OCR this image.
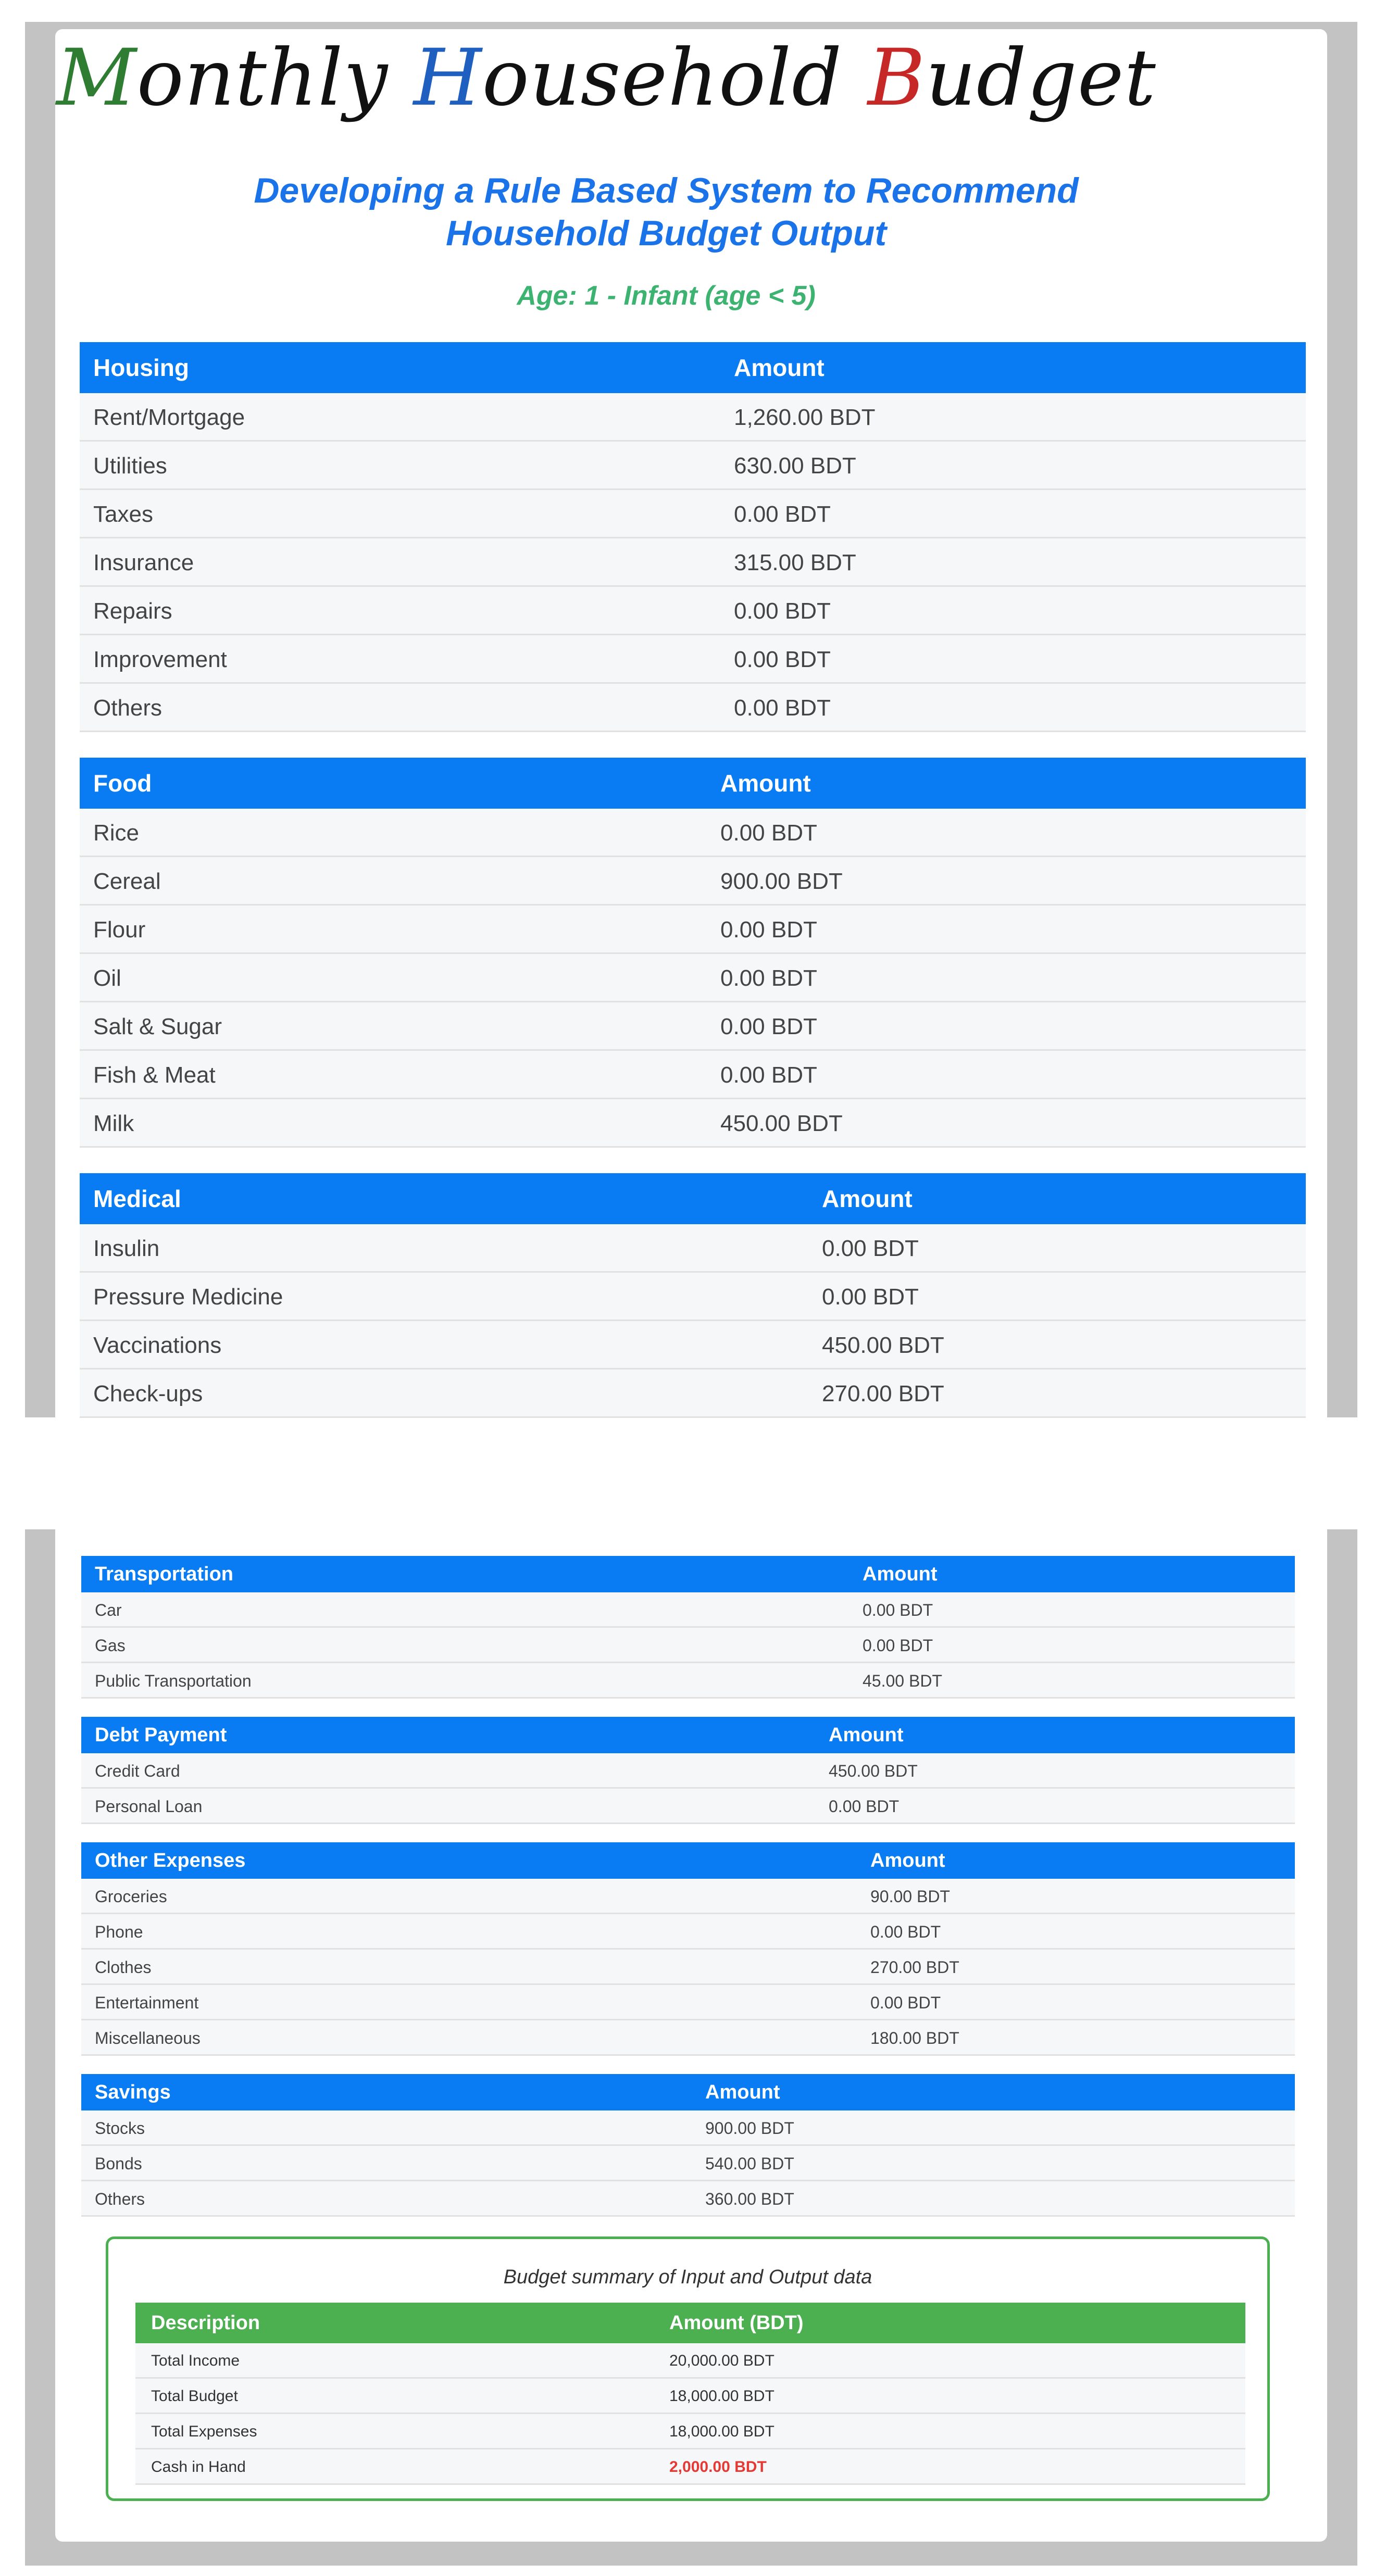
Monthly Household Budget
Developing a Rule Based System to Recommend Household Budget Output
Age: 1 - Infant (age < 5)
Housing	Amount
Rent/Mortgage	1,260.00 BDT
Utilities	630.00 BDT
Taxes	0.00 BDT
Insurance	315.00 BDT
Repairs	0.00 BDT
Improvement	0.00 BDT
Others	0.00 BDT
Food	Amount
Rice	0.00 BDT
Cereal	900.00 BDT
Flour	0.00 BDT
Oil	0.00 BDT
Salt & Sugar	0.00 BDT
Fish & Meat	0.00 BDT
Milk	450.00 BDT
Medical	Amount
Insulin	0.00 BDT
Pressure Medicine	0.00 BDT
Vaccinations	450.00 BDT
Check-ups	270.00 BDT
Transportation	Amount
Car	0.00 BDT
Gas	0.00 BDT
Public Transportation	45.00 BDT
Debt Payment	Amount
Credit Card	450.00 BDT
Personal Loan	0.00 BDT
Other Expenses	Amount
Groceries	90.00 BDT
Phone	0.00 BDT
Clothes	270.00 BDT
Entertainment	0.00 BDT
Miscellaneous	180.00 BDT
Savings	Amount
Stocks	900.00 BDT
Bonds	540.00 BDT
Others	360.00 BDT
Budget summary of Input and Output data
Description	Amount (BDT)
Total Income	20,000.00 BDT
Total Budget	18,000.00 BDT
Total Expenses	18,000.00 BDT
Cash in Hand	2,000.00 BDT
